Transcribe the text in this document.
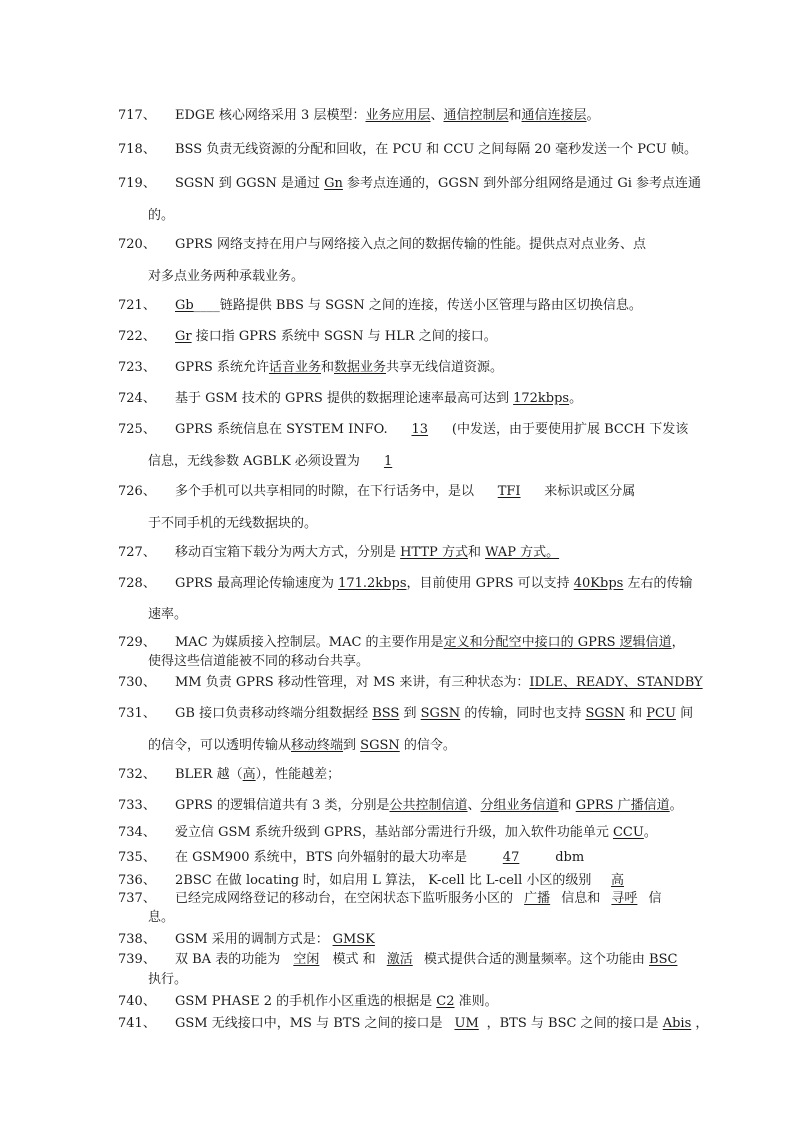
717、 EDGE 核心网络采用 3 层模型：业务应用层、通信控制层和通信连接层。
718、 BSS 负责无线资源的分配和回收，在 PCU 和 CCU 之间每隔 20 毫秒发送一个 PCU 帧。
719、 SGSN 到 GGSN 是通过 Gn 参考点连通的，GGSN 到外部分组网络是通过 Gi 参考点连通
的。
720、 GPRS 网络支持在用户与网络接入点之间的数据传输的性能。提供点对点业务、点
对多点业务两种承载业务。
721、 Gb____链路提供 BBS 与 SGSN 之间的连接，传送小区管理与路由区切换信息。
722、 Gr 接口指 GPRS 系统中 SGSN 与 HLR 之间的接口。
723、 GPRS 系统允许话音业务和数据业务共享无线信道资源。
724、 基于 GSM 技术的 GPRS 提供的数据理论速率最高可达到 172kbps。
725、 GPRS 系统信息在 SYSTEM INFO. 13 (中发送，由于要使用扩展 BCCH 下发该
信息，无线参数 AGBLK 必须设置为 1
726、 多个手机可以共享相同的时隙，在下行话务中，是以 TFI 来标识或区分属
于不同手机的无线数据块的。
727、 移动百宝箱下载分为两大方式，分别是 HTTP 方式和 WAP 方式。
728、 GPRS 最高理论传输速度为 171.2kbps，目前使用 GPRS 可以支持 40Kbps 左右的传输
速率。
729、 MAC 为媒质接入控制层。MAC 的主要作用是定义和分配空中接口的 GPRS 逻辑信道，
使得这些信道能被不同的移动台共享。
730、 MM 负责 GPRS 移动性管理，对 MS 来讲，有三种状态为：IDLE、READY、STANDBY
731、 GB 接口负责移动终端分组数据经 BSS 到 SGSN 的传输，同时也支持 SGSN 和 PCU 间
的信令，可以透明传输从移动终端到 SGSN 的信令。
732、 BLER 越（高），性能越差；
733、 GPRS 的逻辑信道共有 3 类，分别是公共控制信道、分组业务信道和 GPRS 广播信道。
734、 爱立信 GSM 系统升级到 GPRS，基站部分需进行升级，加入软件功能单元 CCU。
735、 在 GSM900 系统中，BTS 向外辐射的最大功率是 47 dbm
736、 2BSC 在做 locating 时，如启用 L 算法， K-cell 比 L-cell 小区的级别 高
737、 已经完成网络登记的移动台，在空闲状态下监听服务小区的 广播 信息和 寻呼 信
息。
738、 GSM 采用的调制方式是： GMSK
739、 双 BA 表的功能为 空闲 模式 和 激活 模式提供合适的测量频率。这个功能由 BSC
执行。
740、 GSM PHASE 2 的手机作小区重选的根据是 C2 准则。
741、 GSM 无线接口中，MS 与 BTS 之间的接口是 UM ，BTS 与 BSC 之间的接口是 Abis ，
